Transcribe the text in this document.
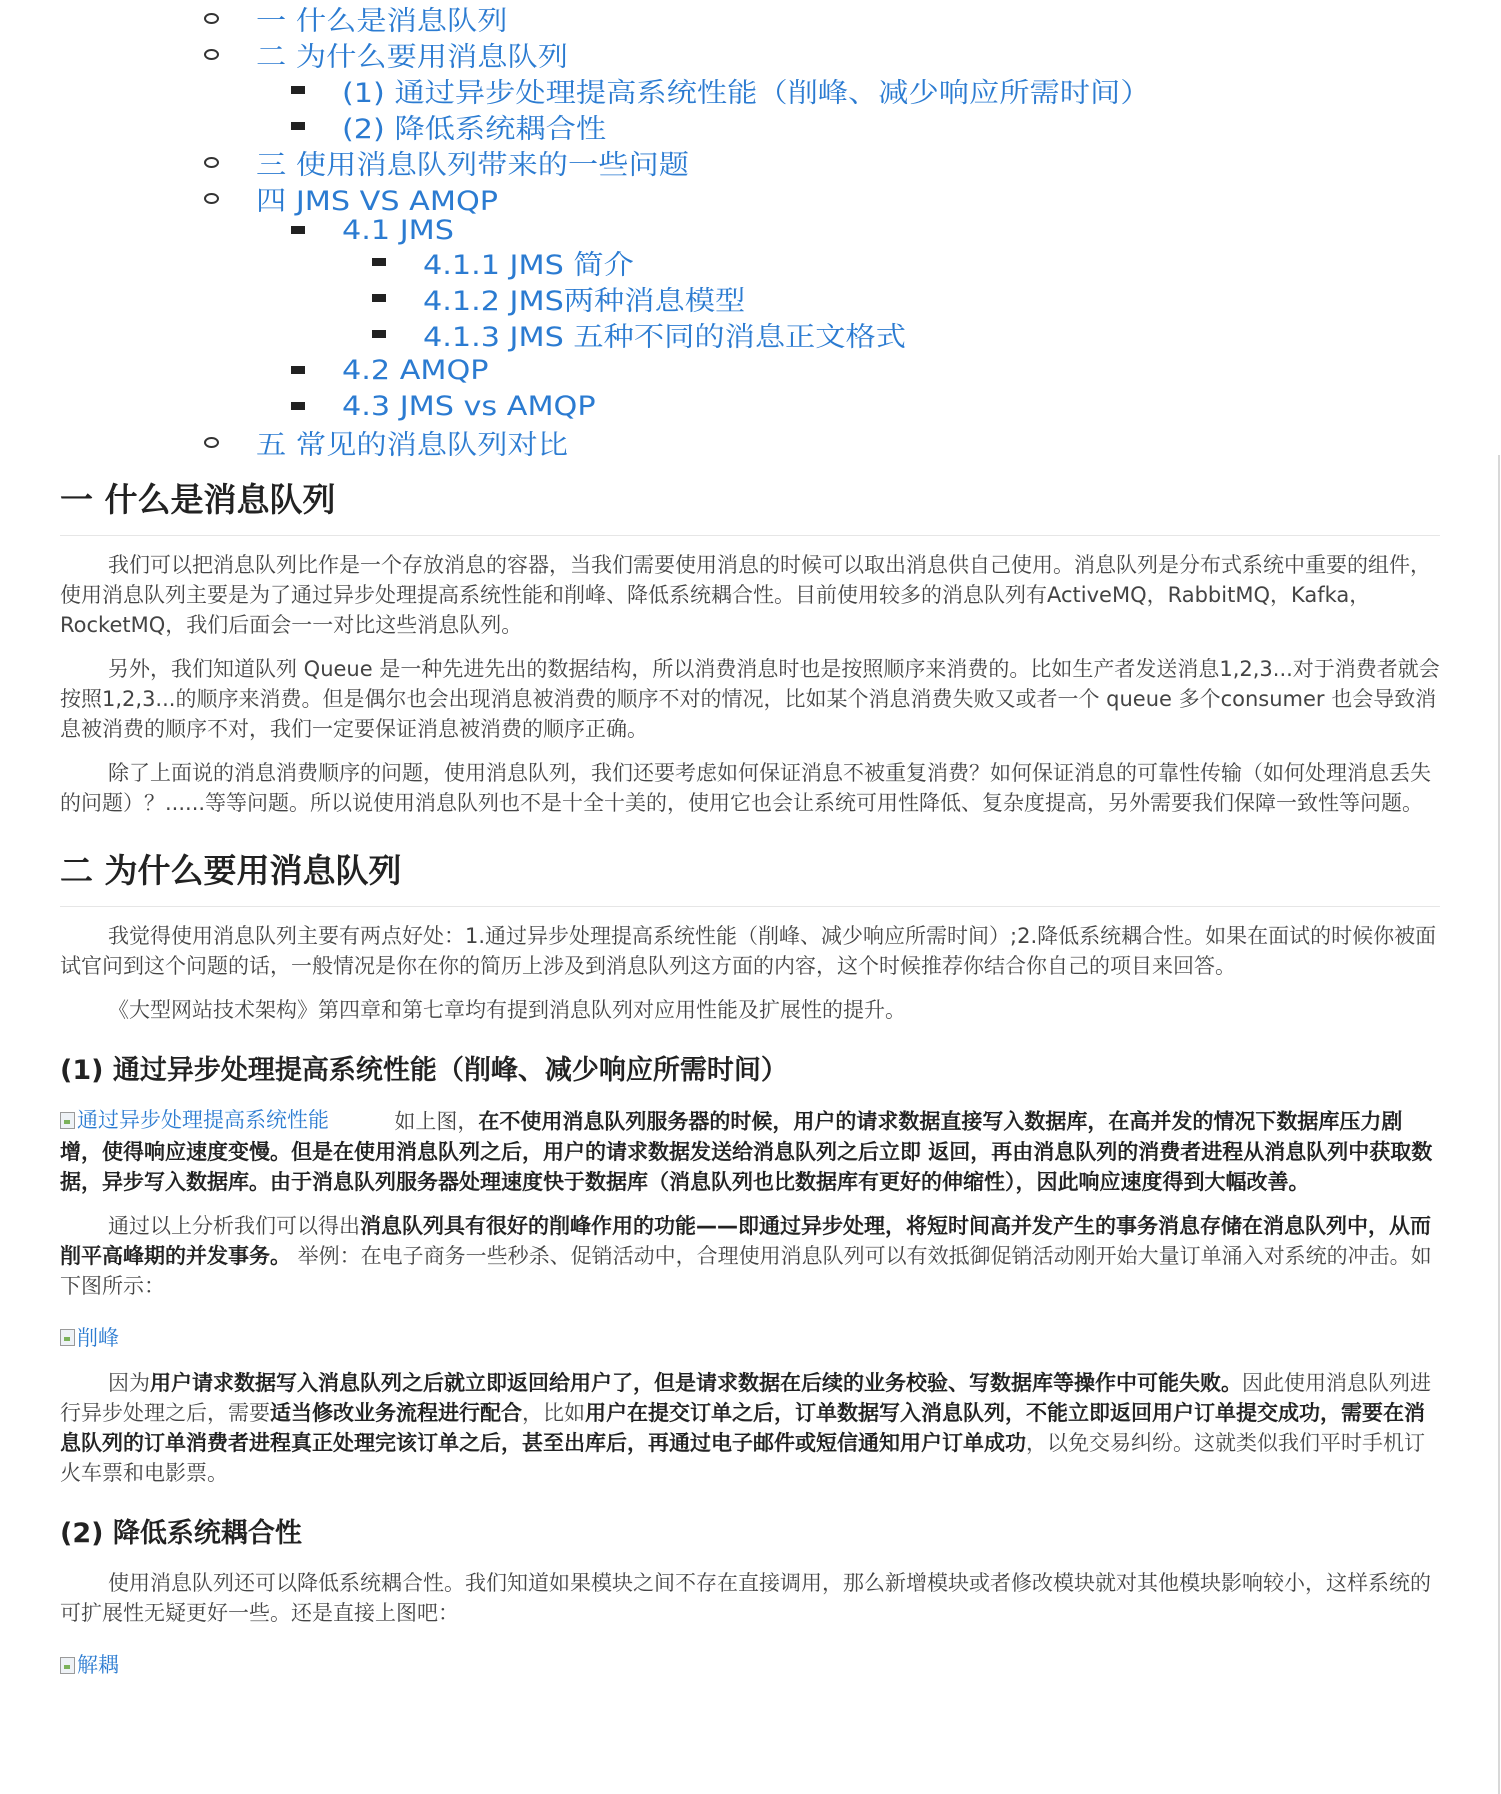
一 什么是消息队列
二 为什么要用消息队列
(1) 通过异步处理提高系统性能（削峰、减少响应所需时间）
(2) 降低系统耦合性
三 使用消息队列带来的一些问题
四 JMS VS AMQP
4.1 JMS
4.1.1 JMS 简介
4.1.2 JMS两种消息模型
4.1.3 JMS 五种不同的消息正文格式
4.2 AMQP
4.3 JMS vs AMQP
五 常见的消息队列对比
一 什么是消息队列

我们可以把消息队列比作是一个存放消息的容器，当我们需要使用消息的时候可以取出消息供自己使用。消息队列是分布式系统中重要的组件，使用消息队列主要是为了通过异步处理提高系统性能和削峰、降低系统耦合性。目前使用较多的消息队列有ActiveMQ，RabbitMQ，Kafka，RocketMQ，我们后面会一一对比这些消息队列。

另外，我们知道队列 Queue 是一种先进先出的数据结构，所以消费消息时也是按照顺序来消费的。比如生产者发送消息1,2,3...对于消费者就会按照1,2,3...的顺序来消费。但是偶尔也会出现消息被消费的顺序不对的情况，比如某个消息消费失败又或者一个 queue 多个consumer 也会导致消息被消费的顺序不对，我们一定要保证消息被消费的顺序正确。

除了上面说的消息消费顺序的问题，使用消息队列，我们还要考虑如何保证消息不被重复消费？如何保证消息的可靠性传输（如何处理消息丢失的问题）？......等等问题。所以说使用消息队列也不是十全十美的，使用它也会让系统可用性降低、复杂度提高，另外需要我们保障一致性等问题。

二 为什么要用消息队列

我觉得使用消息队列主要有两点好处：1.通过异步处理提高系统性能（削峰、减少响应所需时间）;2.降低系统耦合性。如果在面试的时候你被面试官问到这个问题的话，一般情况是你在你的简历上涉及到消息队列这方面的内容，这个时候推荐你结合你自己的项目来回答。

《大型网站技术架构》第四章和第七章均有提到消息队列对应用性能及扩展性的提升。

(1) 通过异步处理提高系统性能（削峰、减少响应所需时间）

通过异步处理提高系统性能	如上图，在不使用消息队列服务器的时候，用户的请求数据直接写入数据库，在高并发的情况下数据库压力剧增，使得响应速度变慢。但是在使用消息队列之后，用户的请求数据发送给消息队列之后立即 返回，再由消息队列的消费者进程从消息队列中获取数据，异步写入数据库。由于消息队列服务器处理速度快于数据库（消息队列也比数据库有更好的伸缩性），因此响应速度得到大幅改善。

通过以上分析我们可以得出消息队列具有很好的削峰作用的功能——即通过异步处理，将短时间高并发产生的事务消息存储在消息队列中，从而削平高峰期的并发事务。 举例：在电子商务一些秒杀、促销活动中，合理使用消息队列可以有效抵御促销活动刚开始大量订单涌入对系统的冲击。如下图所示：

削峰

因为用户请求数据写入消息队列之后就立即返回给用户了，但是请求数据在后续的业务校验、写数据库等操作中可能失败。因此使用消息队列进行异步处理之后，需要适当修改业务流程进行配合，比如用户在提交订单之后，订单数据写入消息队列，不能立即返回用户订单提交成功，需要在消息队列的订单消费者进程真正处理完该订单之后，甚至出库后，再通过电子邮件或短信通知用户订单成功，以免交易纠纷。这就类似我们平时手机订火车票和电影票。

(2) 降低系统耦合性

使用消息队列还可以降低系统耦合性。我们知道如果模块之间不存在直接调用，那么新增模块或者修改模块就对其他模块影响较小，这样系统的可扩展性无疑更好一些。还是直接上图吧：

解耦
